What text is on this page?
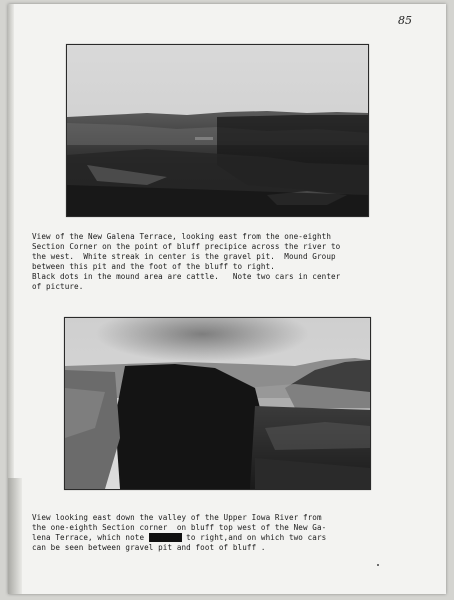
85
View of the New Galena Terrace, looking east from the one-eighth
Section Corner on the point of bluff precipice across the river to
the west.  White streak in center is the gravel pit.  Mound Group
between this pit and the foot of the bluff to right.
Black dots in the mound area are cattle.   Note two cars in center
of picture.
View looking east down the valley of the Upper Iowa River from
the one-eighth Section corner  on bluff top west of the New Ga-
lena Terrace, which note between to right,and on which two cars
can be seen between gravel pit and foot of bluff .
